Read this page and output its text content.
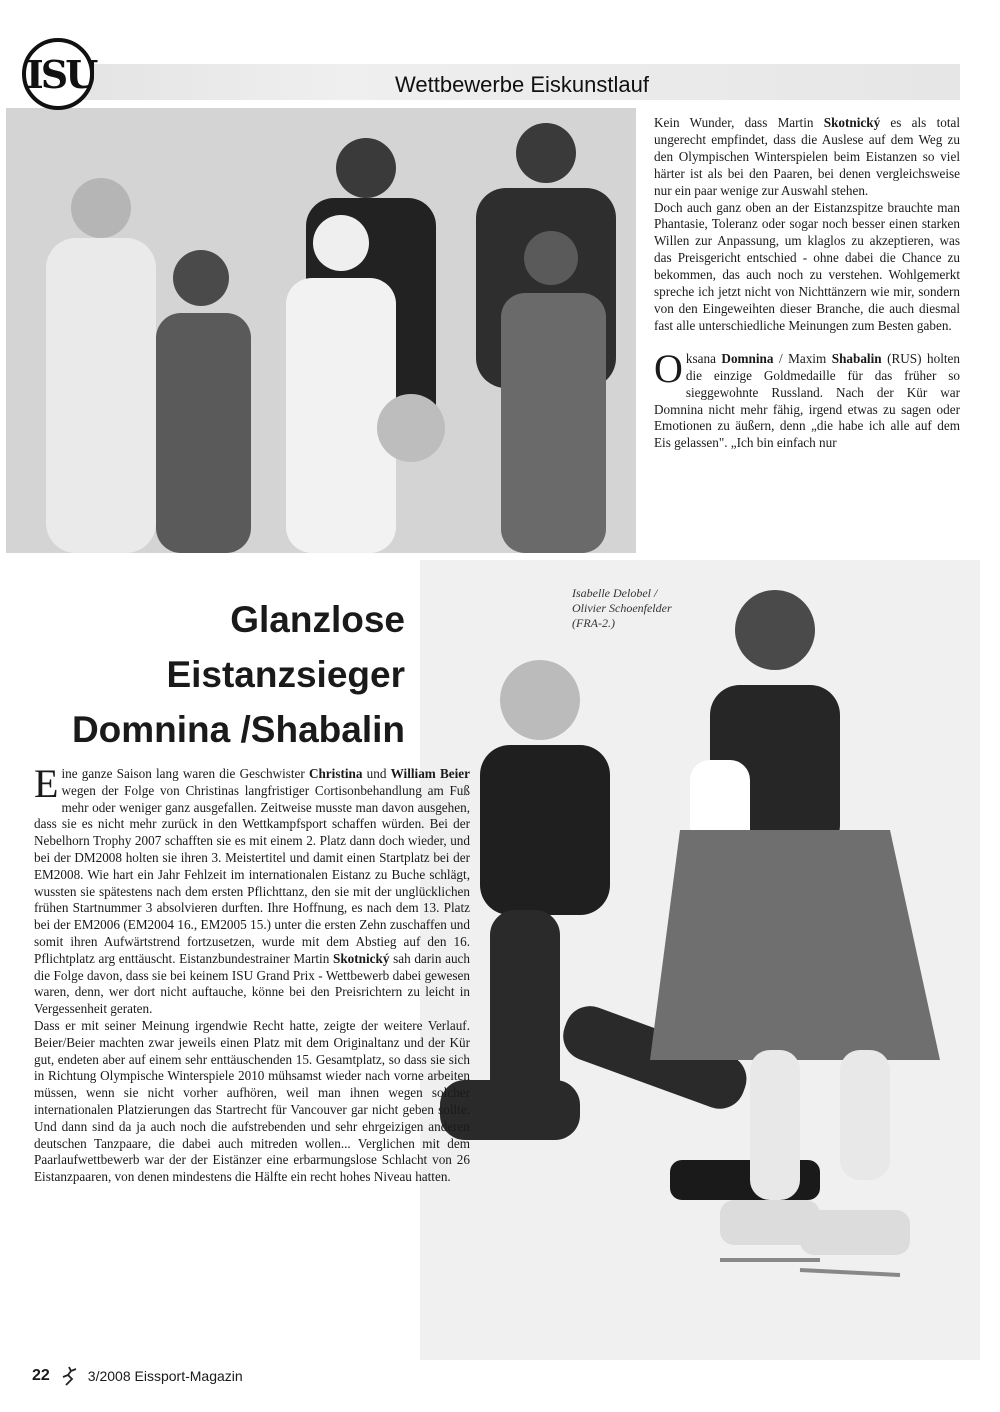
ISU	Wettbewerbe Eiskunstlauf
Isabelle Delobel /
Olivier Schoenfelder
(FRA-2.)
Glanzlose
Eistanzsieger
Domnina /Shabalin

Kein Wunder, dass Martin Skotnický es als total ungerecht empfindet, dass die Auslese auf dem Weg zu den Olympischen Winterspielen beim Eistanzen so viel härter ist als bei den Paaren, bei denen vergleichsweise nur ein paar wenige zur Auswahl stehen.

Doch auch ganz oben an der Eistanzspitze brauchte man Phantasie, Toleranz oder sogar noch besser einen starken Willen zur Anpassung, um klaglos zu akzeptieren, was das Preisgericht entschied - ohne dabei die Chance zu bekommen, das auch noch zu verstehen. Wohlgemerkt spreche ich jetzt nicht von Nichttänzern wie mir, sondern von den Eingeweihten dieser Branche, die auch diesmal fast alle unterschiedliche Meinungen zum Besten gaben.

Oksana Domnina / Maxim Shabalin (RUS) holten die einzige Goldmedaille für das früher so sieggewohnte Russland. Nach der Kür war Domnina nicht mehr fähig, irgend etwas zu sagen oder Emotionen zu äußern, denn „die habe ich alle auf dem Eis gelassen". „Ich bin einfach nur

Eine ganze Saison lang waren die Geschwister Christina und William Beier wegen der Folge von Christinas langfristiger Cortisonbehandlung am Fuß mehr oder weniger ganz ausgefallen. Zeitweise musste man davon ausgehen, dass sie es nicht mehr zurück in den Wettkampfsport schaffen würden. Bei der Nebelhorn Trophy 2007 schafften sie es mit einem 2. Platz dann doch wieder, und bei der DM2008 holten sie ihren 3. Meistertitel und damit einen Startplatz bei der EM2008. Wie hart ein Jahr Fehlzeit im internationalen Eistanz zu Buche schlägt, wussten sie spätestens nach dem ersten Pflichttanz, den sie mit der unglücklichen frühen Startnummer 3 absolvieren durften. Ihre Hoffnung, es nach dem 13. Platz bei der EM2006 (EM2004 16., EM2005 15.) unter die ersten Zehn zuschaffen und somit ihren Aufwärtstrend fortzusetzen, wurde mit dem Abstieg auf den 16. Pflichtplatz arg enttäuscht. Eistanzbundestrainer Martin Skotnický sah darin auch die Folge davon, dass sie bei keinem ISU Grand Prix - Wettbewerb dabei gewesen waren, denn, wer dort nicht auftauche, könne bei den Preisrichtern zu leicht in Vergessenheit geraten.

Dass er mit seiner Meinung irgendwie Recht hatte, zeigte der weitere Verlauf. Beier/Beier machten zwar jeweils einen Platz mit dem Originaltanz und der Kür gut, endeten aber auf einem sehr enttäuschenden 15. Gesamtplatz, so dass sie sich in Richtung Olympische Winterspiele 2010 mühsamst wieder nach vorne arbeiten müssen, wenn sie nicht vorher aufhören, weil man ihnen wegen solcher internationalen Platzierungen das Startrecht für Vancouver gar nicht geben sollte. Und dann sind da ja auch noch die aufstrebenden und sehr ehrgeizigen anderen deutschen Tanzpaare, die dabei auch mitreden wollen... Verglichen mit dem Paarlaufwettbewerb war der der Eistänzer eine erbarmungslose Schlacht von 26 Eistanzpaaren, von denen mindestens die Hälfte ein recht hohes Niveau hatten.

22	3/2008 Eissport-Magazin
